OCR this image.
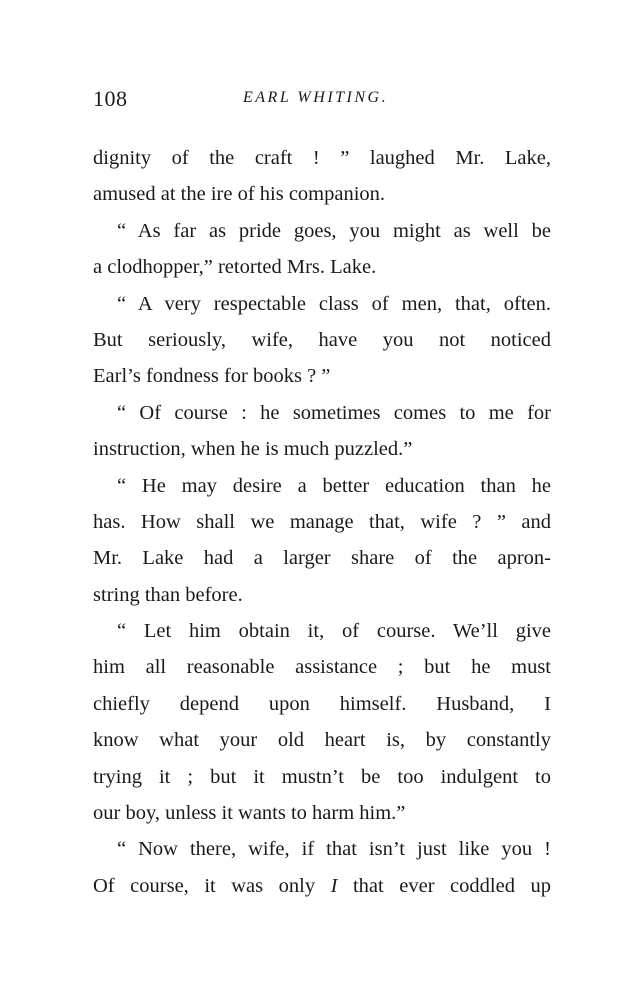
108	EARL WHITING.
dignity of the craft ! ” laughed Mr. Lake,
amused at the ire of his companion.
“ As far as pride goes, you might as well be
a clodhopper,” retorted Mrs. Lake.
“ A very respectable class of men, that, often.
But seriously, wife, have you not noticed
Earl’s fondness for books ? ”
“ Of course : he sometimes comes to me for
instruction, when he is much puzzled.”
“ He may desire a better education than he
has. How shall we manage that, wife ? ” and
Mr. Lake had a larger share of the apron-
string than before.
“ Let him obtain it, of course. We’ll give
him all reasonable assistance ; but he must
chiefly depend upon himself. Husband, I
know what your old heart is, by constantly
trying it ; but it mustn’t be too indulgent to
our boy, unless it wants to harm him.”
“ Now there, wife, if that isn’t just like you !
Of course, it was only I that ever coddled up
